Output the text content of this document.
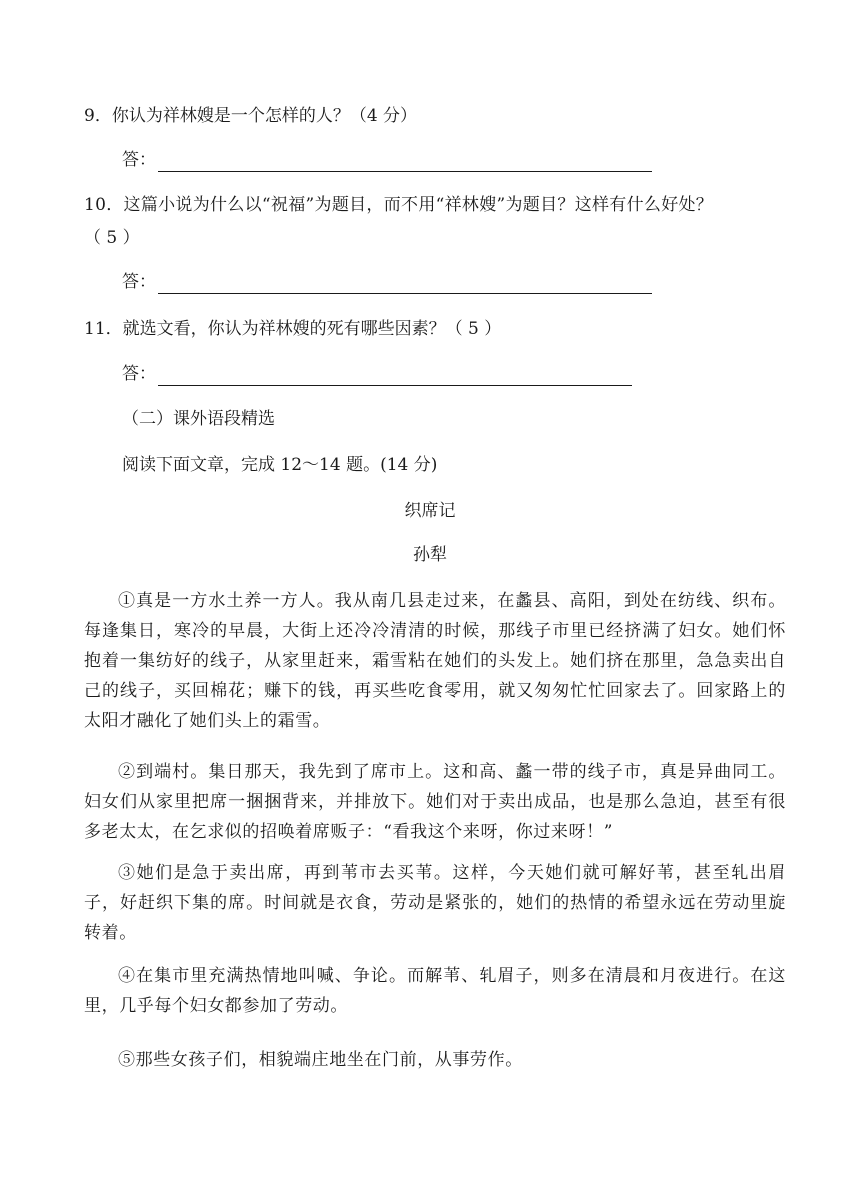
9．你认为祥林嫂是一个怎样的人？（4 分）
答：
10．这篇小说为什么以“祝福”为题目，而不用“祥林嫂”为题目？这样有什么好处？
（ 5 ）
答：
11．就选文看，你认为祥林嫂的死有哪些因素？（ 5 ）
答：
（二）课外语段精选
阅读下面文章，完成 12～14 题。(14 分)
织席记
孙犁
①真是一方水土养一方人。我从南几县走过来，在蠡县、高阳，到处在纺线、织布。每逢集日，寒冷的早晨，大街上还冷冷清清的时候，那线子市里已经挤满了妇女。她们怀抱着一集纺好的线子，从家里赶来，霜雪粘在她们的头发上。她们挤在那里，急急卖出自己的线子，买回棉花；赚下的钱，再买些吃食零用，就又匆匆忙忙回家去了。回家路上的太阳才融化了她们头上的霜雪。
②到端村。集日那天，我先到了席市上。这和高、蠡一带的线子市，真是异曲同工。妇女们从家里把席一捆捆背来，并排放下。她们对于卖出成品，也是那么急迫，甚至有很多老太太，在乞求似的招唤着席贩子：“看我这个来呀，你过来呀！”
③她们是急于卖出席，再到苇市去买苇。这样，今天她们就可解好苇，甚至轧出眉子，好赶织下集的席。时间就是衣食，劳动是紧张的，她们的热情的希望永远在劳动里旋转着。
④在集市里充满热情地叫喊、争论。而解苇、轧眉子，则多在清晨和月夜进行。在这里，几乎每个妇女都参加了劳动。
⑤那些女孩子们，相貌端庄地坐在门前，从事劳作。
